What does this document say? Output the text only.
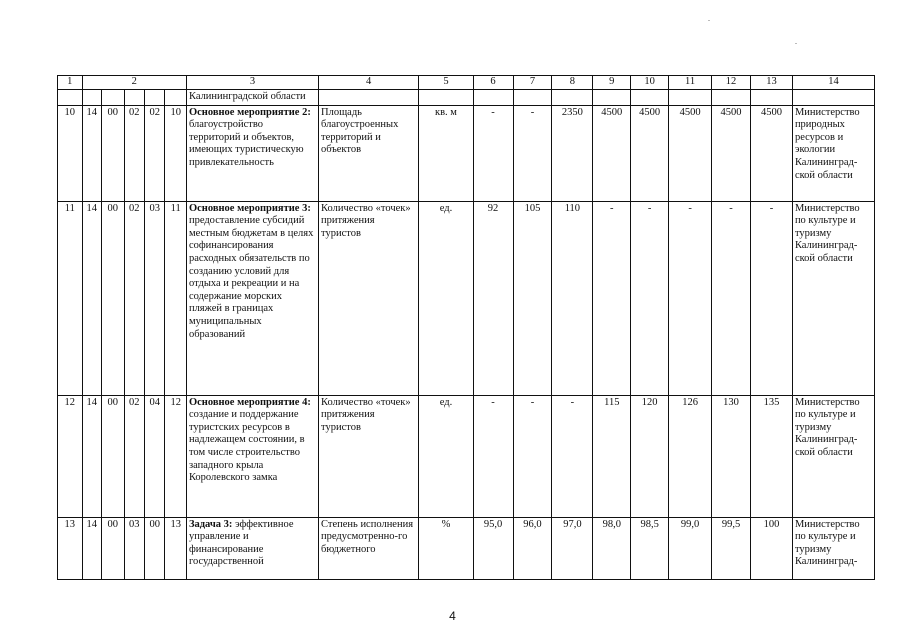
1	2					3	4	5	6	7	8	9	10	11	12	13	14
						Калининградской области											
10	14	00	02	02	10	Основное мероприятие 2: благоустройство территорий и объектов, имеющих туристическую привлекательность	Площадь благоустроенных территорий и объектов	кв. м	-	-	2350	4500	4500	4500	4500	4500	Министерство природных ресурсов и экологии Калининград-ской области
11	14	00	02	03	11	Основное мероприятие 3: предоставление субсидий местным бюджетам в целях софинансирования расходных обязательств по созданию условий для отдыха и рекреации и на содержание морских пляжей в границах муниципальных образований	Количество «точек» притяжения туристов	ед.	92	105	110	-	-	-	-	-	Министерство по культуре и туризму Калининград-ской области
12	14	00	02	04	12	Основное мероприятие 4: создание и поддержание туристских ресурсов в надлежащем состоянии, в том числе строительство западного крыла Королевского замка	Количество «точек» притяжения туристов	ед.	-	-	-	115	120	126	130	135	Министерство по культуре и туризму Калининград-ской области
13	14	00	03	00	13	Задача 3: эффективное управление и финансирование государственной	Степень исполнения предусмотренно-го бюджетного	%	95,0	96,0	97,0	98,0	98,5	99,0	99,5	100	Министерство по культуре и туризму Калининград-
4
